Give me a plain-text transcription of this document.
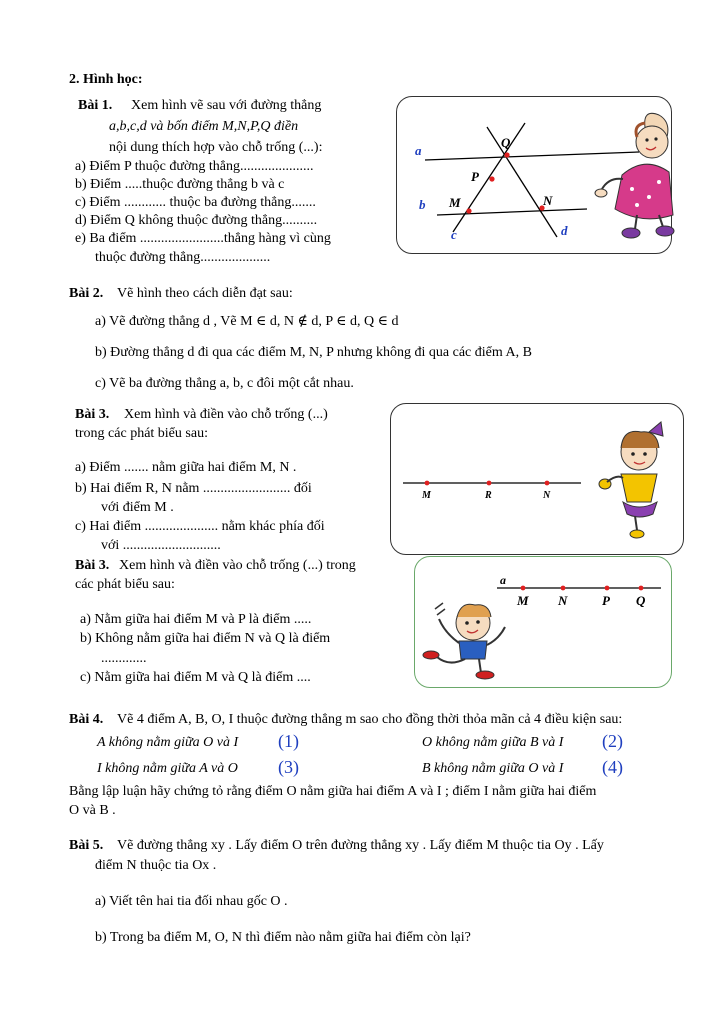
2. Hình học:
Bài 1. Xem hình vẽ sau với đường thẳng
a,b,c,d và bốn điểm M,N,P,Q điền
nội dung thích hợp vào chỗ trống (...):
a) Điểm P thuộc đường thẳng.....................
b) Điểm .....thuộc đường thẳng b và c
c) Điểm ............ thuộc ba đường thẳng.......
d) Điểm Q không thuộc đường thẳng..........
e) Ba điểm ........................thẳng hàng vì cùng
thuộc đường thẳng....................
a
b
c	d
Q
P
M	N
Bài 2. Vẽ hình theo cách diễn đạt sau:
a) Vẽ đường thẳng d , Vẽ M ∈ d, N ∉ d, P ∈ d, Q ∈ d
b) Đường thẳng d đi qua các điểm M, N, P nhưng không đi qua các điểm A, B
c) Vẽ ba đường thẳng a, b, c đôi một cắt nhau.
Bài 3. Xem hình và điền vào chỗ trống (...)
trong các phát biểu sau:
a) Điểm ....... nằm giữa hai điểm M, N .
b) Hai điểm R, N nằm ......................... đối
với điểm M .
c) Hai điểm ..................... nằm khác phía đối
với ............................
M	R	N
Bài 3. Xem hình và điền vào chỗ trống (...) trong
các phát biểu sau:
a) Nằm giữa hai điểm M và P là điểm .....
b) Không nằm giữa hai điểm N và Q là điểm
.............
c) Nằm giữa hai điểm M và Q là điểm ....
a
M N	P Q
Bài 4. Vẽ 4 điểm A, B, O, I thuộc đường thẳng m sao cho đồng thời thỏa mãn cả 4 điều kiện sau:
A không nằm giữa O và I (1)	O không nằm giữa B và I (2)
I không nằm giữa A và O (3)	B không nằm giữa O và I (4)
Bằng lập luận hãy chứng tỏ rằng điểm O nằm giữa hai điểm A và I ; điểm I nằm giữa hai điểm
O và B .
Bài 5. Vẽ đường thẳng xy . Lấy điểm O trên đường thẳng xy . Lấy điểm M thuộc tia Oy . Lấy
điểm N thuộc tia Ox .
a) Viết tên hai tia đối nhau gốc O .
b) Trong ba điểm M, O, N thì điểm nào nằm giữa hai điểm còn lại?
